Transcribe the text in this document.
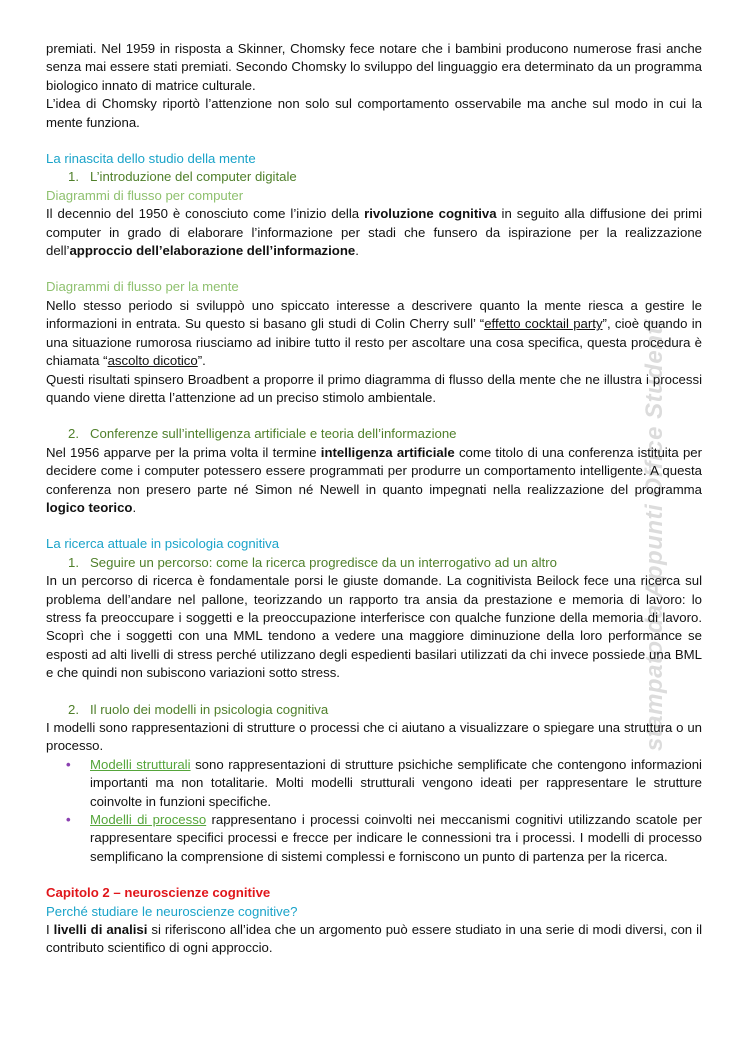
stampato da Appunti Office Studenti

premiati. Nel 1959 in risposta a Skinner, Chomsky fece notare che i bambini producono numerose frasi anche senza mai essere stati premiati. Secondo Chomsky lo sviluppo del linguaggio era determinato da un programma biologico innato di matrice culturale.

L’idea di Chomsky riportò l’attenzione non solo sul comportamento osservabile ma anche sul modo in cui la mente funziona.

La rinascita dello studio della mente

1. L’introduzione del computer digitale

Diagrammi di flusso per computer

Il decennio del 1950 è conosciuto come l’inizio della rivoluzione cognitiva in seguito alla diffusione dei primi computer in grado di elaborare l’informazione per stadi che funsero da ispirazione per la realizzazione dell’approccio dell’elaborazione dell’informazione.

Diagrammi di flusso per la mente

Nello stesso periodo si sviluppò uno spiccato interesse a descrivere quanto la mente riesca a gestire le informazioni in entrata. Su questo si basano gli studi di Colin Cherry sull’ “effetto cocktail party”, cioè quando in una situazione rumorosa riusciamo ad inibire tutto il resto per ascoltare una cosa specifica, questa procedura è chiamata “ascolto dicotico”.

Questi risultati spinsero Broadbent a proporre il primo diagramma di flusso della mente che ne illustra i processi quando viene diretta l’attenzione ad un preciso stimolo ambientale.

2. Conferenze sull’intelligenza artificiale e teoria dell’informazione

Nel 1956 apparve per la prima volta il termine intelligenza artificiale come titolo di una conferenza istituita per decidere come i computer potessero essere programmati per produrre un comportamento intelligente. A questa conferenza non presero parte né Simon né Newell in quanto impegnati nella realizzazione del programma logico teorico.

La ricerca attuale in psicologia cognitiva

1. Seguire un percorso: come la ricerca progredisce da un interrogativo ad un altro

In un percorso di ricerca è fondamentale porsi le giuste domande. La cognitivista Beilock fece una ricerca sul problema dell’andare nel pallone, teorizzando un rapporto tra ansia da prestazione e memoria di lavoro: lo stress fa preoccupare i soggetti e la preoccupazione interferisce con qualche funzione della memoria di lavoro. Scoprì che i soggetti con una MML tendono a vedere una maggiore diminuzione della loro performance se esposti ad alti livelli di stress perché utilizzano degli espedienti basilari utilizzati da chi invece possiede una BML e che quindi non subiscono variazioni sotto stress.

2. Il ruolo dei modelli in psicologia cognitiva

I modelli sono rappresentazioni di strutture o processi che ci aiutano a visualizzare o spiegare una struttura o un processo.

• Modelli strutturali sono rappresentazioni di strutture psichiche semplificate che contengono informazioni importanti ma non totalitarie. Molti modelli strutturali vengono ideati per rappresentare le strutture coinvolte in funzioni specifiche.
• Modelli di processo rappresentano i processi coinvolti nei meccanismi cognitivi utilizzando scatole per rappresentare specifici processi e frecce per indicare le connessioni tra i processi. I modelli di processo semplificano la comprensione di sistemi complessi e forniscono un punto di partenza per la ricerca.

Capitolo 2 – neuroscienze cognitive

Perché studiare le neuroscienze cognitive?

I livelli di analisi si riferiscono all’idea che un argomento può essere studiato in una serie di modi diversi, con il contributo scientifico di ogni approccio.
